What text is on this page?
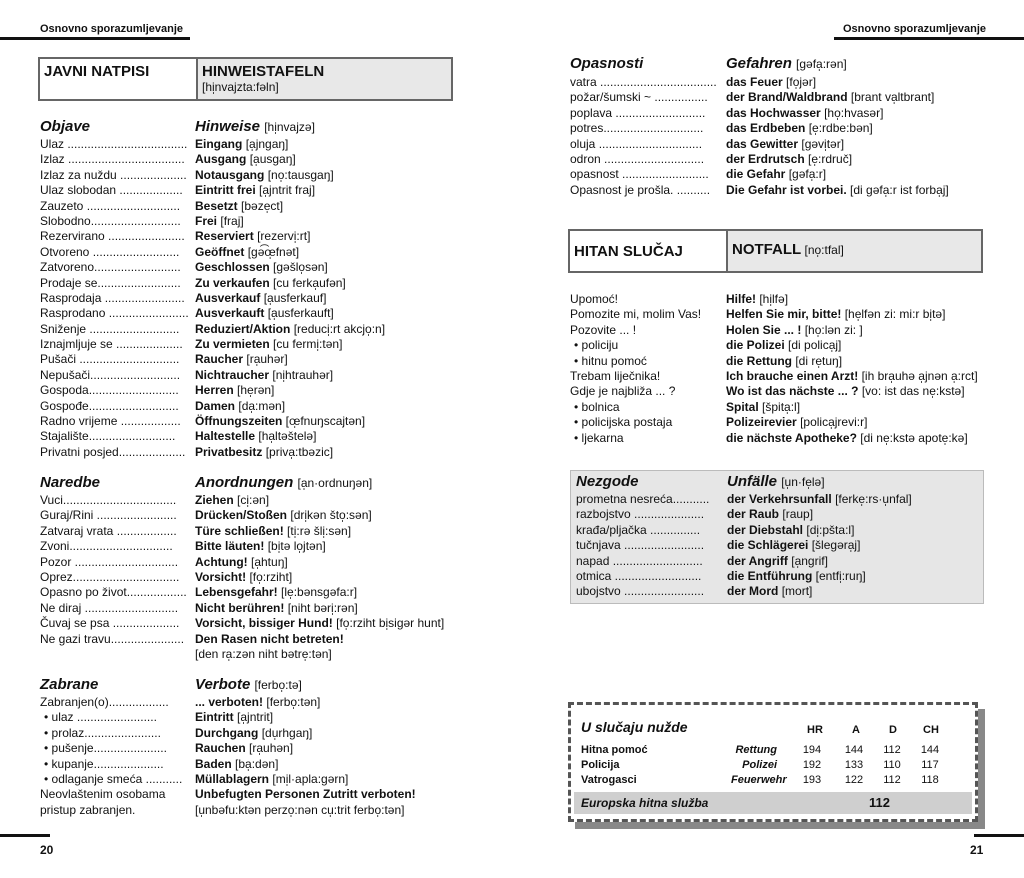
Osnovno sporazumljevanje
JAVNI NATPISI	HINWEISTAFELN
[hi̩nvajzta:fəln]
Objave	Hinweise [hi̩nvajzə]
Ulaz .................................... Eingang [a̩jngaŋ]
Izlaz ................................... Ausgang [a̩usgaŋ]
Izlaz za nuždu .................... Notausgang [no̩:tausgaŋ]
Ulaz slobodan ................... Eintritt frei [a̩jntrit fraj]
Zauzeto ............................ Besetzt [bəze̩ct]
Slobodno........................... Frei [fraj]
Rezervirano ....................... Reserviert [rezervi̩:rt]
Otvoreno .......................... Geöffnet [gə͡œ̩fnət]
Zatvoreno.......................... Geschlossen [gəšlo̩sən]
Prodaje se......................... Zu verkaufen [cu ferka̩ufən]
Rasprodaja ........................ Ausverkauf [a̩usferkauf]
Rasprodano ........................ Ausverkauft [a̩usferkauft]
Sniženje ........................... Reduziert/Aktion [reduci̩:rt akcjo̩:n]
Iznajmljuje se .................... Zu vermieten [cu fermi̩:tən]
Pušači .............................. Raucher [ra̩uhər]
Nepušači........................... Nichtraucher [ni̩htrauhər]
Gospoda........................... Herren [he̩rən]
Gospođe........................... Damen [da̩:mən]
Radno vrijeme .................. Öffnungszeiten [œ̩fnuŋscajtən]
Stajalište.......................... Haltestelle [ha̩ltəštelə]
Privatni posjed.................... Privatbesitz [priva̩:tbəzic]
Naredbe	Anordnungen [a̩n·ordnuŋən]
Vuci.................................. Ziehen [ci̩:ən]
Guraj/Rini ........................ Drücken/Stoßen [dri̩kən što̩:sən]
Zatvaraj vrata .................. Türe schließen! [ti̩:rə šli̩:sən]
Zvoni............................... Bitte läuten! [bi̩tə lo̩jtən]
Pozor ............................... Achtung! [a̩htuŋ]
Oprez................................ Vorsicht! [fo̩:rziht]
Opasno po život.................. Lebensgefahr! [le̩:bənsgəfa:r]
Ne diraj ............................ Nicht berühren! [niht bəri̩:rən]
Čuvaj se psa .................... Vorsicht, bissiger Hund! [fo̩:rziht bi̩sigər hunt]
Ne gazi travu...................... Den Rasen nicht betreten!
[den ra̩:zən niht bətre̩:tən]
Zabrane	Verbote [ferbo̩:tə]
Zabranjen(o).................. ... verboten! [ferbo̩:tən]
• ulaz ........................	Eintritt [a̩jntrit]
• prolaz.......................	Durchgang [du̩rhgaŋ]
• pušenje...................... Rauchen [ra̩uhən]
• kupanje.....................	Baden [ba̩:dən]
• odlaganje smeća ........... Müllablagern [mi̩l·apla:gərn]
Neovlaštenim osobama Unbefugten Personen Zutritt verboten!
pristup zabranjen.	[u̩nbəfu:ktən perzo̩:nən cu̩:trit ferbo̩:tən]
20
Osnovno sporazumljevanje
Opasnosti	Gefahren [gəfa̩:rən]
vatra ................................... das Feuer [fo̩jər]
požar/šumski ~ ................ der Brand/Waldbrand [brant va̩ltbrant]
poplava ........................... das Hochwasser [ho̩:hvasər]
potres.............................. das Erdbeben [e̩:rdbe:bən]
oluja ............................... das Gewitter [gəvi̩tər]
odron .............................. der Erdrutsch [e̩:rdruč]
opasnost .......................... die Gefahr [gəfa̩:r]
Opasnost je prošla. .......... Die Gefahr ist vorbei. [di gəfa̩:r ist forba̩j]
HITAN SLUČAJ	NOTFALL [no̩:tfal]
Upomoć!	Hilfe! [hi̩lfə]
Pomozite mi, molim Vas! Helfen Sie mir, bitte! [he̩lfən zi: mi:r bi̩tə]
Pozovite ... !	Holen Sie ... ! [ho̩:lən zi: ]
• policiju	die Polizei [di polica̩j]
• hitnu pomoć	die Rettung [di re̩tuŋ]
Trebam liječnika!	Ich brauche einen Arzt! [ih bra̩uhə a̩jnən a̩:rct]
Gdje je najbliža ... ?	Wo ist das nächste ... ? [vo: ist das ne̩:kstə]
• bolnica	Spital [špita̩:l]
• policijska postaja	Polizeirevier [polica̩jrevi:r]
• ljekarna	die nächste Apotheke? [di ne̩:kstə apote̩:kə]
Nezgode	Unfälle [u̩n·fe̩lə]
prometna nesreća........... der Verkehrsunfall [ferke̩:rs·u̩nfal]
razbojstvo ..................... der Raub [raup]
krađa/pljačka ............... der Diebstahl [di̩:pšta:l]
tučnjava ........................ die Schlägerei [šlegəra̩j]
napad ........................... der Angriff [a̩ngrif]
otmica .......................... die Entführung [entfi̩:ruŋ]
ubojstvo ........................ der Mord [mort]
21
U slučaju nužde	HR	A	D CH
Hitna pomoć	Rettung	194	144	112	144
Policija	Polizei	192	133	110	117
Vatrogasci	Feuerwehr	193	122	112	118
Europska hitna služba	112
